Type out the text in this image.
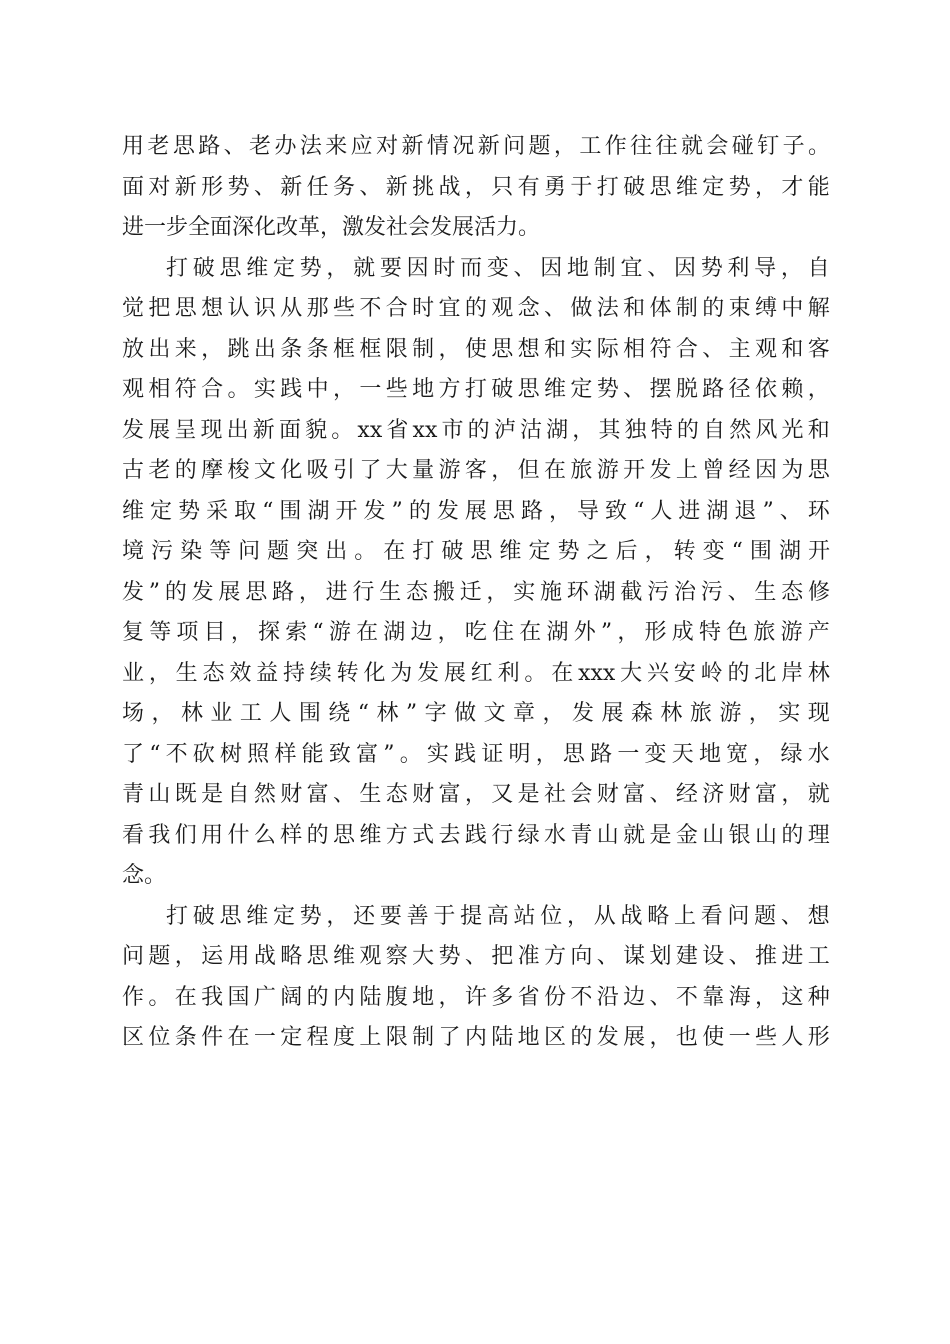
用 老 思 路 、 老 办 法 来 应 对 新 情 况 新 问 题 ， 工 作 往 往 就 会 碰 钉 子 。
面 对 新 形 势 、 新 任 务 、 新 挑 战 ， 只 有 勇 于 打 破 思 维 定 势 ， 才 能
进一步全面深化改革，激发社会发展活力。
打 破 思 维 定 势 ， 就 要 因 时 而 变 、 因 地 制 宜 、 因 势 利 导 ， 自
觉 把 思 想 认 识 从 那 些 不 合 时 宜 的 观 念 、 做 法 和 体 制 的 束 缚 中 解
放 出 来 ， 跳 出 条 条 框 框 限 制 ， 使 思 想 和 实 际 相 符 合 、 主 观 和 客
观 相 符 合 。 实 践 中 ， 一 些 地 方 打 破 思 维 定 势 、 摆 脱 路 径 依 赖 ，
发 展 呈 现 出 新 面 貌 。 xx 省 xx 市 的 泸 沽 湖 ， 其 独 特 的 自 然 风 光 和
古 老 的 摩 梭 文 化 吸 引 了 大 量 游 客 ， 但 在 旅 游 开 发 上 曾 经 因 为 思
维 定 势 采 取 “ 围 湖 开 发 ” 的 发 展 思 路 ， 导 致 “ 人 进 湖 退 ” 、 环
境 污 染 等 问 题 突 出 。 在 打 破 思 维 定 势 之 后 ， 转 变 “ 围 湖 开
发 ” 的 发 展 思 路 ， 进 行 生 态 搬 迁 ， 实 施 环 湖 截 污 治 污 、 生 态 修
复 等 项 目 ， 探 索 “ 游 在 湖 边 ， 吃 住 在 湖 外 ” ， 形 成 特 色 旅 游 产
业 ， 生 态 效 益 持 续 转 化 为 发 展 红 利 。 在 xxx 大 兴 安 岭 的 北 岸 林
场 ， 林 业 工 人 围 绕 “ 林 ” 字 做 文 章 ， 发 展 森 林 旅 游 ， 实 现
了 “ 不 砍 树 照 样 能 致 富 ” 。 实 践 证 明 ， 思 路 一 变 天 地 宽 ， 绿 水
青 山 既 是 自 然 财 富 、 生 态 财 富 ， 又 是 社 会 财 富 、 经 济 财 富 ， 就
看 我 们 用 什 么 样 的 思 维 方 式 去 践 行 绿 水 青 山 就 是 金 山 银 山 的 理
念。
打 破 思 维 定 势 ， 还 要 善 于 提 高 站 位 ， 从 战 略 上 看 问 题 、 想
问 题 ， 运 用 战 略 思 维 观 察 大 势 、 把 准 方 向 、 谋 划 建 设 、 推 进 工
作 。 在 我 国 广 阔 的 内 陆 腹 地 ， 许 多 省 份 不 沿 边 、 不 靠 海 ， 这 种
区 位 条 件 在 一 定 程 度 上 限 制 了 内 陆 地 区 的 发 展 ， 也 使 一 些 人 形
